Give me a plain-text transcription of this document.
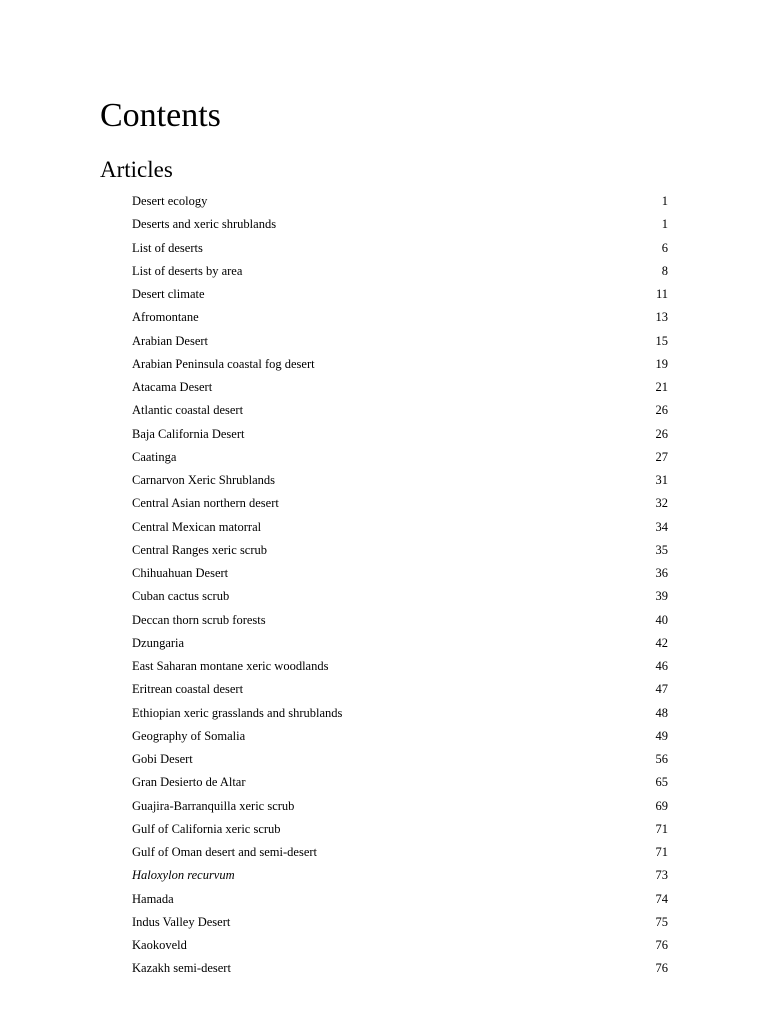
Contents
Articles
Desert ecology	1
Deserts and xeric shrublands	1
List of deserts	6
List of deserts by area	8
Desert climate	11
Afromontane	13
Arabian Desert	15
Arabian Peninsula coastal fog desert	19
Atacama Desert	21
Atlantic coastal desert	26
Baja California Desert	26
Caatinga	27
Carnarvon Xeric Shrublands	31
Central Asian northern desert	32
Central Mexican matorral	34
Central Ranges xeric scrub	35
Chihuahuan Desert	36
Cuban cactus scrub	39
Deccan thorn scrub forests	40
Dzungaria	42
East Saharan montane xeric woodlands	46
Eritrean coastal desert	47
Ethiopian xeric grasslands and shrublands	48
Geography of Somalia	49
Gobi Desert	56
Gran Desierto de Altar	65
Guajira-Barranquilla xeric scrub	69
Gulf of California xeric scrub	71
Gulf of Oman desert and semi-desert	71
Haloxylon recurvum	73
Hamada	74
Indus Valley Desert	75
Kaokoveld	76
Kazakh semi-desert	76
